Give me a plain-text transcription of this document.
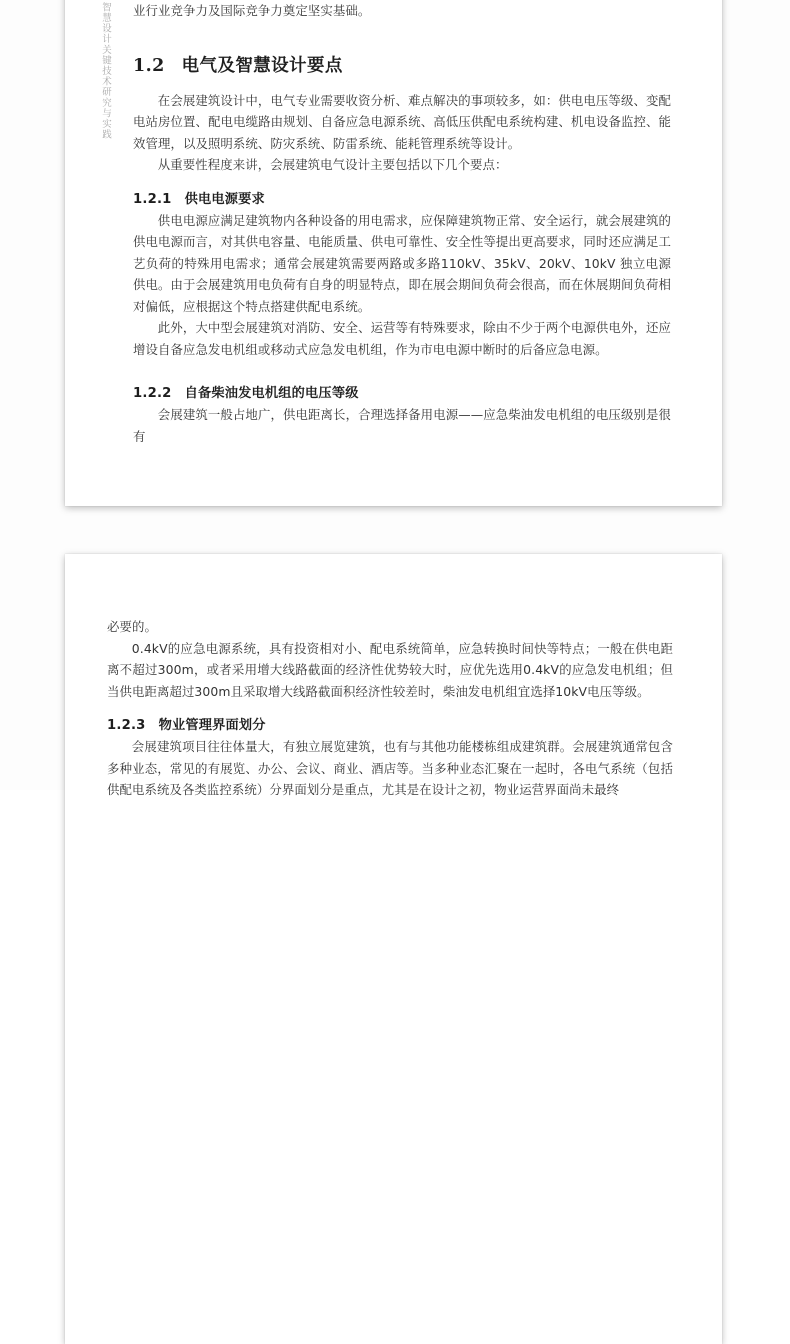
智慧设计关键技术研究与实践 业行业竞争力及国际竞争力奠定坚实基础。

1.2 电气及智慧设计要点

在会展建筑设计中，电气专业需要收资分析、难点解决的事项较多，如：供电电压等级、变配电站房位置、配电电缆路由规划、自备应急电源系统、高低压供配电系统构建、机电设备监控、能效管理，以及照明系统、防灾系统、防雷系统、能耗管理系统等设计。

从重要性程度来讲，会展建筑电气设计主要包括以下几个要点：

1.2.1 供电电源要求

供电电源应满足建筑物内各种设备的用电需求，应保障建筑物正常、安全运行，就会展建筑的供电电源而言，对其供电容量、电能质量、供电可靠性、安全性等提出更高要求，同时还应满足工艺负荷的特殊用电需求；通常会展建筑需要两路或多路110kV、35kV、20kV、10kV 独立电源供电。由于会展建筑用电负荷有自身的明显特点，即在展会期间负荷会很高，而在休展期间负荷相对偏低，应根据这个特点搭建供配电系统。

此外，大中型会展建筑对消防、安全、运营等有特殊要求，除由不少于两个电源供电外，还应增设自备应急发电机组或移动式应急发电机组，作为市电电源中断时的后备应急电源。

1.2.2 自备柴油发电机组的电压等级

会展建筑一般占地广，供电距离长，合理选择备用电源——应急柴油发电机组的电压级别是很有

必要的。

0.4kV的应急电源系统，具有投资相对小、配电系统简单，应急转换时间快等特点；一般在供电距离不超过300m，或者采用增大线路截面的经济性优势较大时，应优先选用0.4kV的应急发电机组；但当供电距离超过300m且采取增大线路截面积经济性较差时，柴油发电机组宜选择10kV电压等级。

1.2.3 物业管理界面划分

会展建筑项目往往体量大，有独立展览建筑，也有与其他功能楼栋组成建筑群。会展建筑通常包含多种业态，常见的有展览、办公、会议、商业、酒店等。当多种业态汇聚在一起时，各电气系统（包括供配电系统及各类监控系统）分界面划分是重点，尤其是在设计之初，物业运营界面尚未最终
